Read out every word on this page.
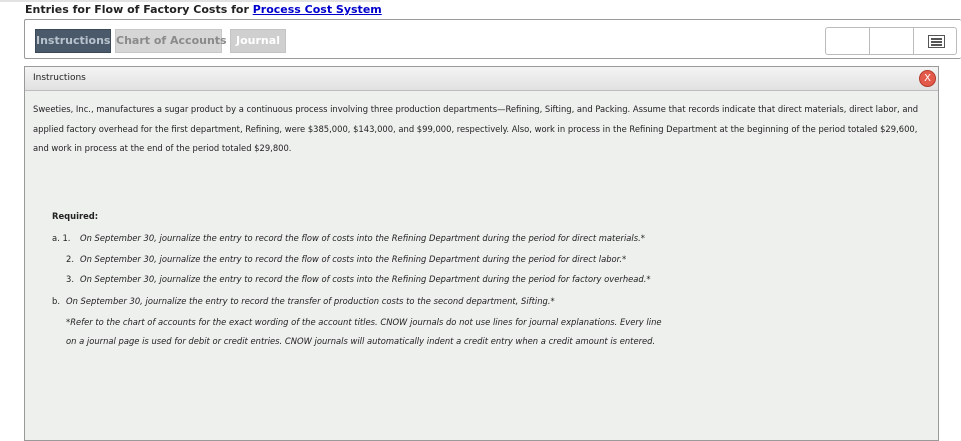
Entries for Flow of Factory Costs for Process Cost System
Instructions Chart of Accounts Journal
Instructions	X

Sweeties, Inc., manufactures a sugar product by a continuous process involving three production departments—Refining, Sifting, and Packing. Assume that records indicate that direct materials, direct labor, and
applied factory overhead for the first department, Refining, were $385,000, $143,000, and $99,000, respectively. Also, work in process in the Refining Department at the beginning of the period totaled $29,600,
and work in process at the end of the period totaled $29,800.

Required:
a. 1. On September 30, journalize the entry to record the flow of costs into the Refining Department during the period for direct materials.*
2. On September 30, journalize the entry to record the flow of costs into the Refining Department during the period for direct labor.*
3. On September 30, journalize the entry to record the flow of costs into the Refining Department during the period for factory overhead.*
b. On September 30, journalize the entry to record the transfer of production costs to the second department, Sifting.*
*Refer to the chart of accounts for the exact wording of the account titles. CNOW journals do not use lines for journal explanations. Every line
on a journal page is used for debit or credit entries. CNOW journals will automatically indent a credit entry when a credit amount is entered.
